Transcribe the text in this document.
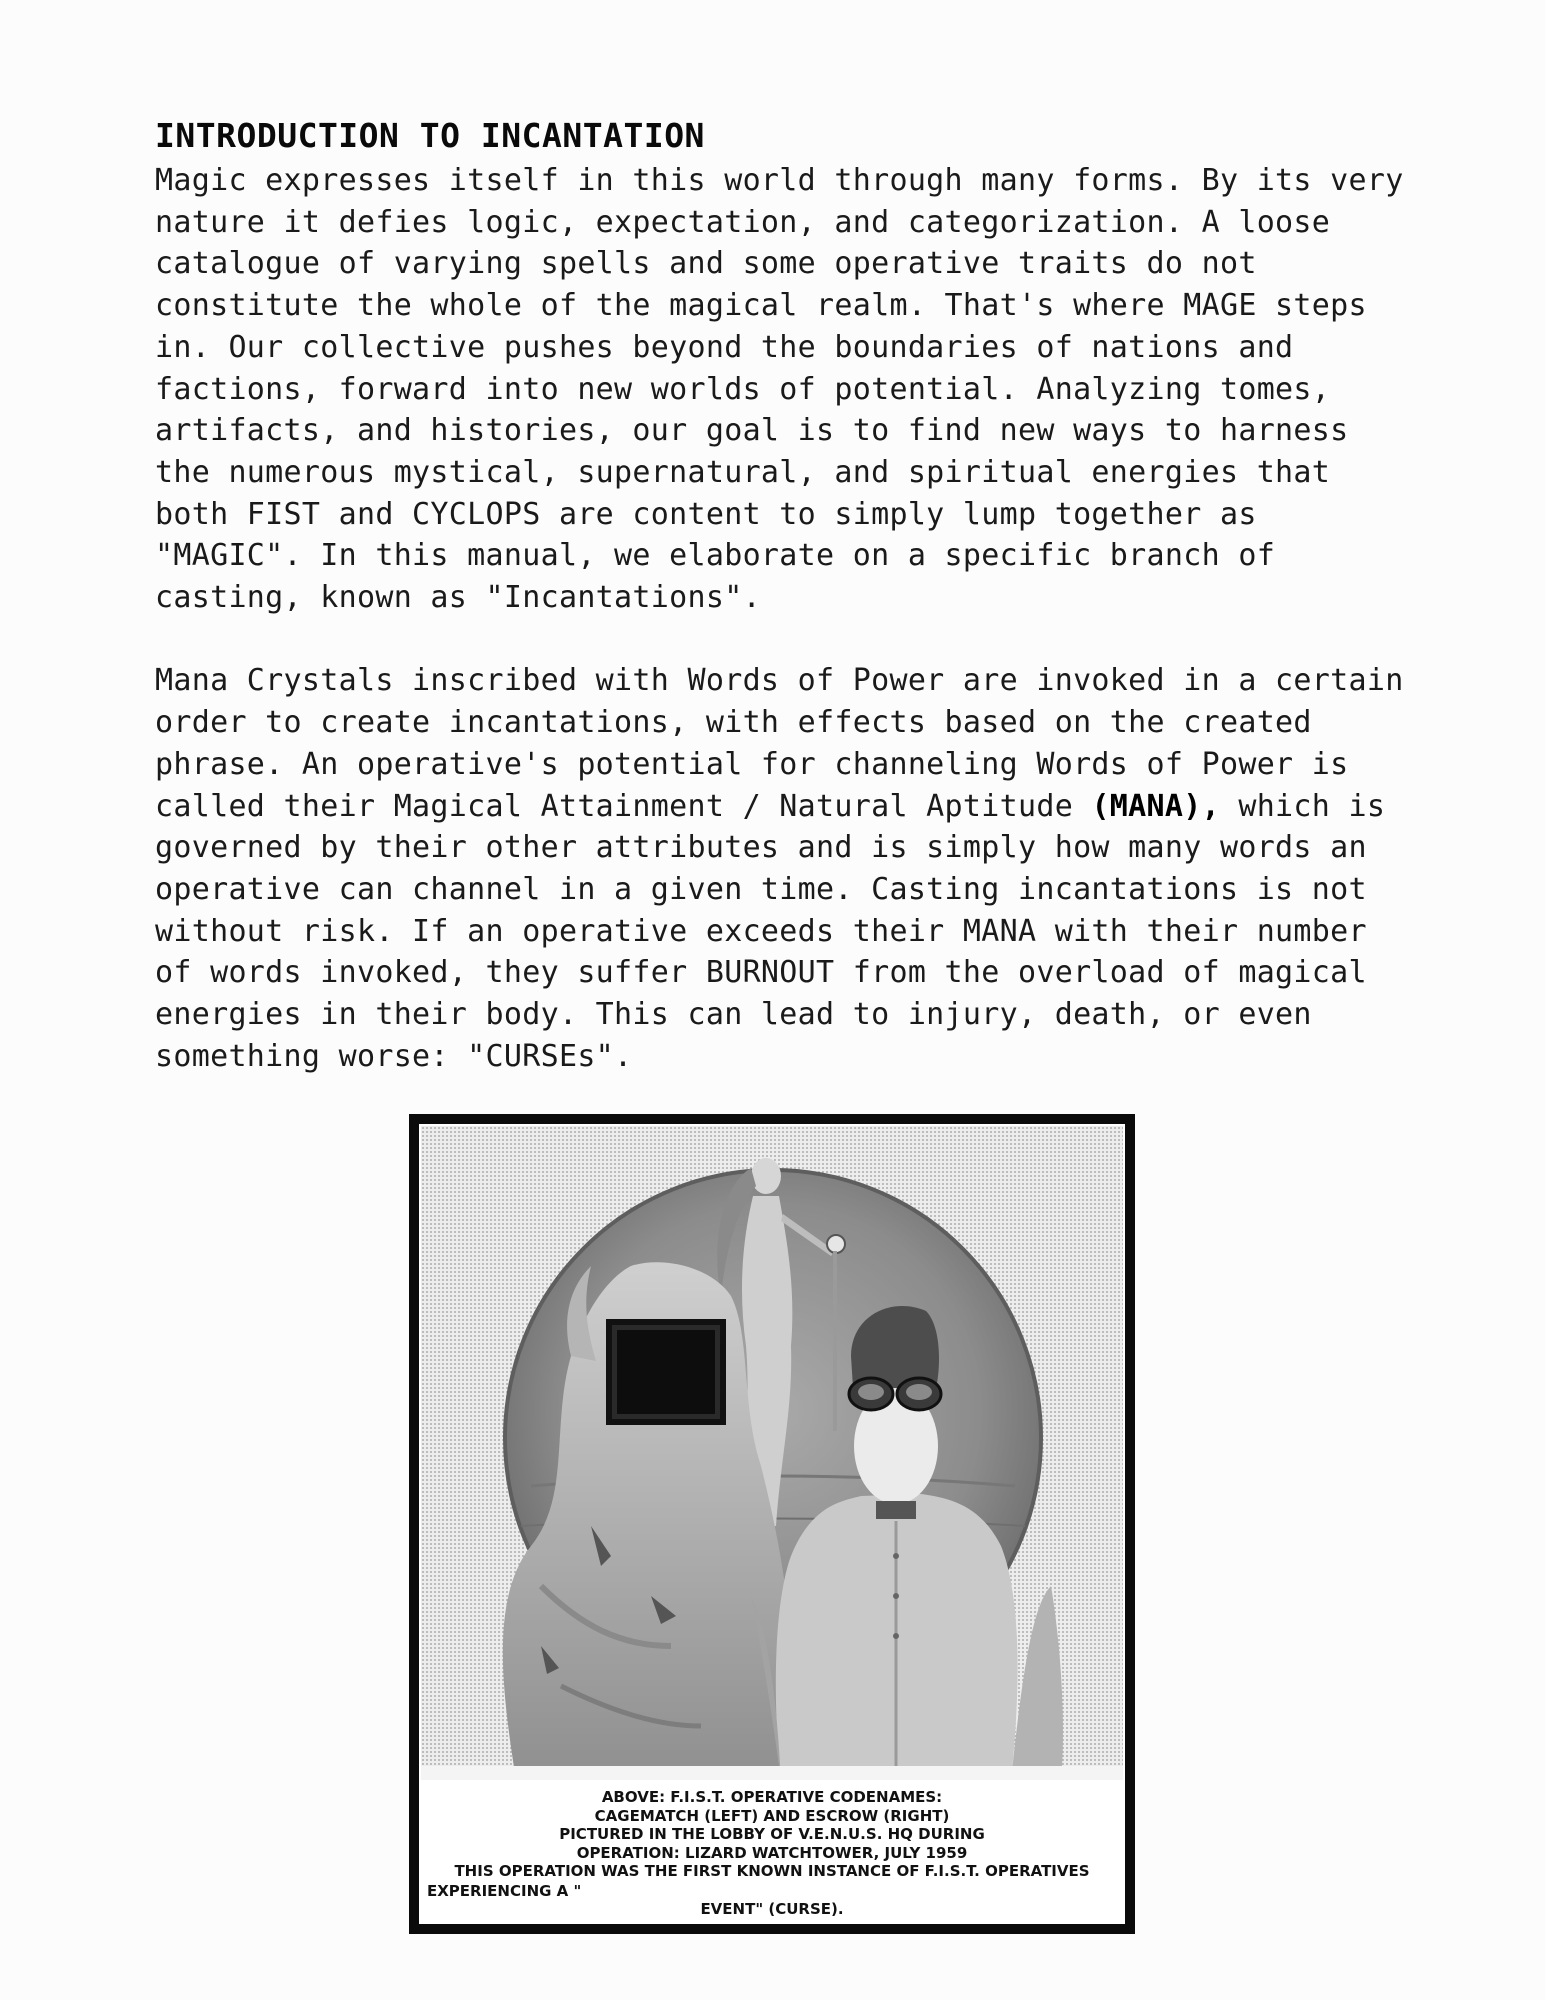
INTRODUCTION TO INCANTATION

Magic expresses itself in this world through many forms. By its very
nature it defies logic, expectation, and categorization. A loose
catalogue of varying spells and some operative traits do not
constitute the whole of the magical realm. That's where MAGE steps
in. Our collective pushes beyond the boundaries of nations and
factions, forward into new worlds of potential. Analyzing tomes,
artifacts, and histories, our goal is to find new ways to harness
the numerous mystical, supernatural, and spiritual energies that
both FIST and CYCLOPS are content to simply lump together as
"MAGIC". In this manual, we elaborate on a specific branch of
casting, known as "Incantations".

Mana Crystals inscribed with Words of Power are invoked in a certain
order to create incantations, with effects based on the created
phrase. An operative's potential for channeling Words of Power is
called their Magical Attainment / Natural Aptitude (MANA), which is
governed by their other attributes and is simply how many words an
operative can channel in a given time. Casting incantations is not
without risk. If an operative exceeds their MANA with their number
of words invoked, they suffer BURNOUT from the overload of magical
energies in their body. This can lead to injury, death, or even
something worse: "CURSEs".

ABOVE: F.I.S.T. OPERATIVE CODENAMES:
CAGEMATCH (LEFT) AND ESCROW (RIGHT)
PICTURED IN THE LOBBY OF V.E.N.U.S. HQ DURING
OPERATION: LIZARD WATCHTOWER, JULY 1959
THIS OPERATION WAS THE FIRST KNOWN INSTANCE OF F.I.S.T. OPERATIVES
EXPERIENCING A "
EVENT" (CURSE).
